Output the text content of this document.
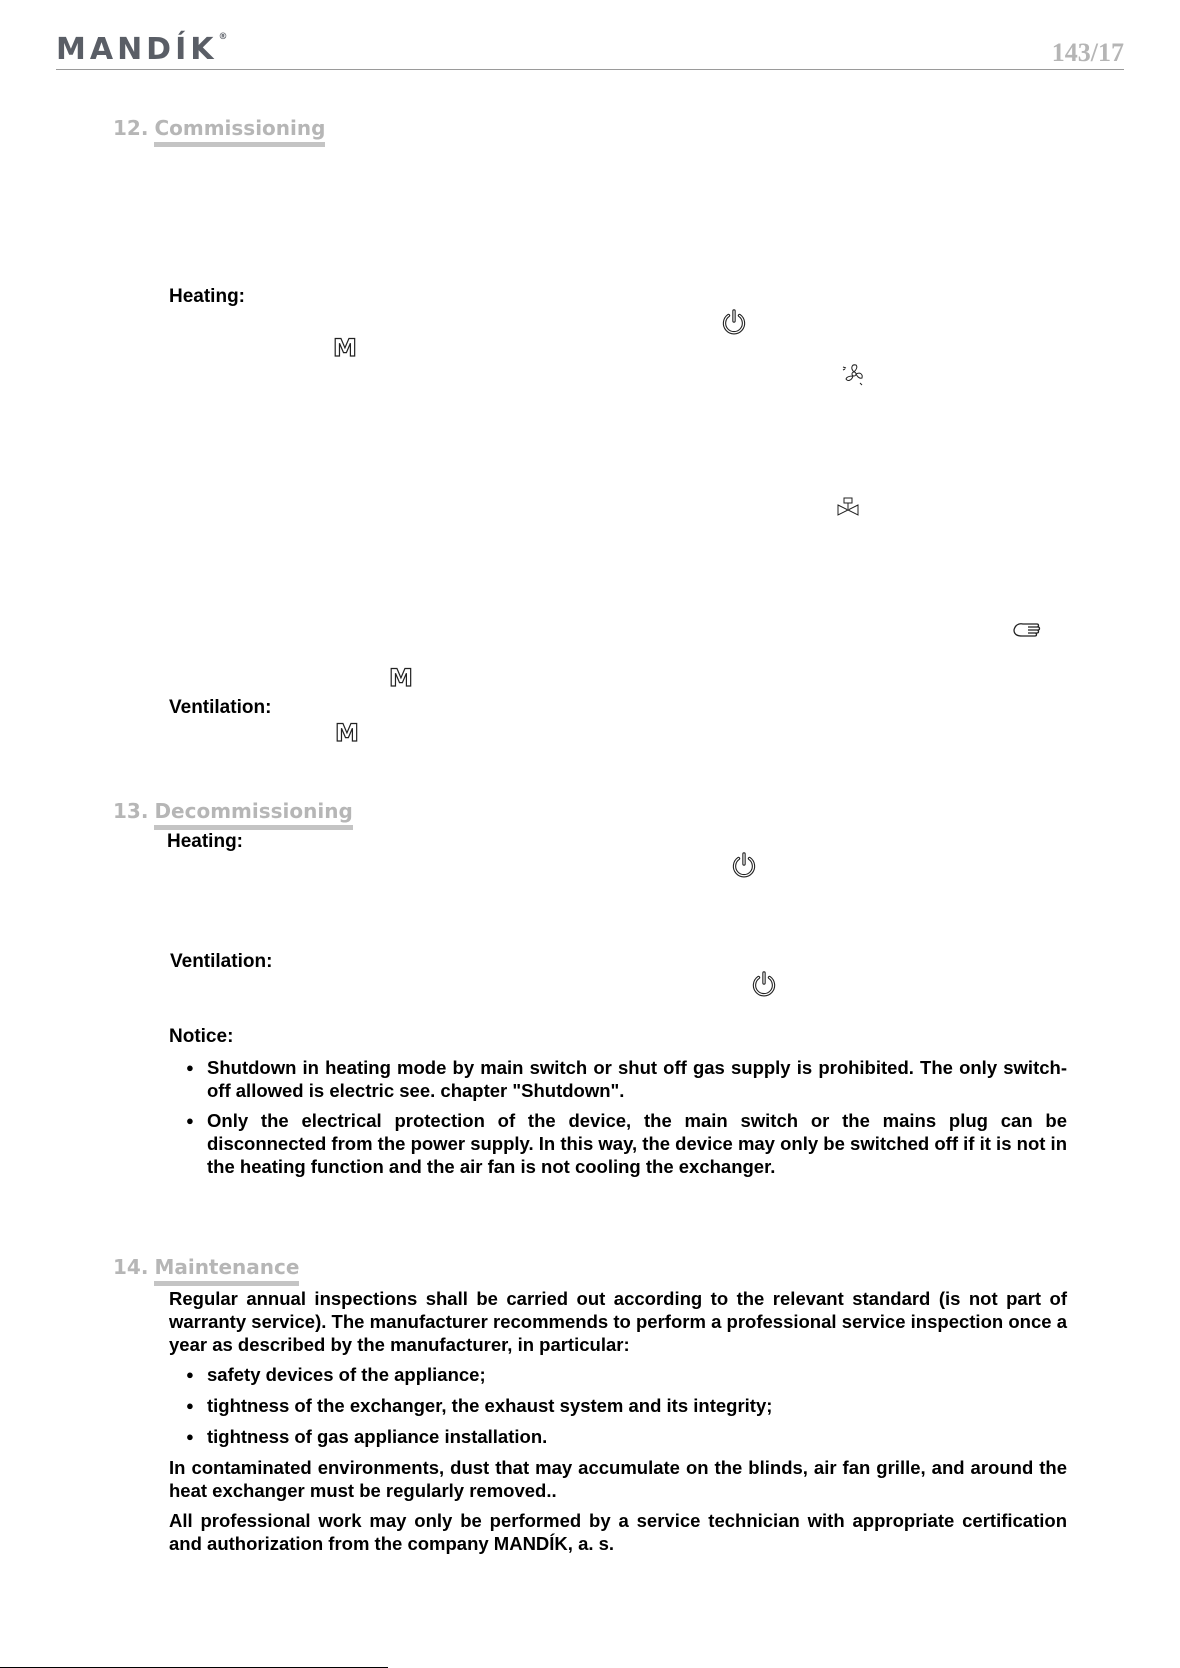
MANDÍK®
143/17
12. Commissioning
Heating:
M
M
Ventilation:
M
13. Decommissioning
Heating:
Ventilation:
Notice:
● Shutdown in heating mode by main switch or shut off gas supply is prohibited. The only switch-off allowed is electric see. chapter "Shutdown".
● Only the electrical protection of the device, the main switch or the mains plug can be disconnected from the power supply. In this way, the device may only be switched off if it is not in the heating function and the air fan is not cooling the exchanger.
14. Maintenance
Regular annual inspections shall be carried out according to the relevant standard (is not part of warranty service). The manufacturer recommends to perform a professional service inspection once a year as described by the manufacturer, in particular:
● safety devices of the appliance;
● tightness of the exchanger, the exhaust system and its integrity;
● tightness of gas appliance installation.
In contaminated environments, dust that may accumulate on the blinds, air fan grille, and around the heat exchanger must be regularly removed..
All professional work may only be performed by a service technician with appropriate certification and authorization from the company MANDÍK, a. s.
